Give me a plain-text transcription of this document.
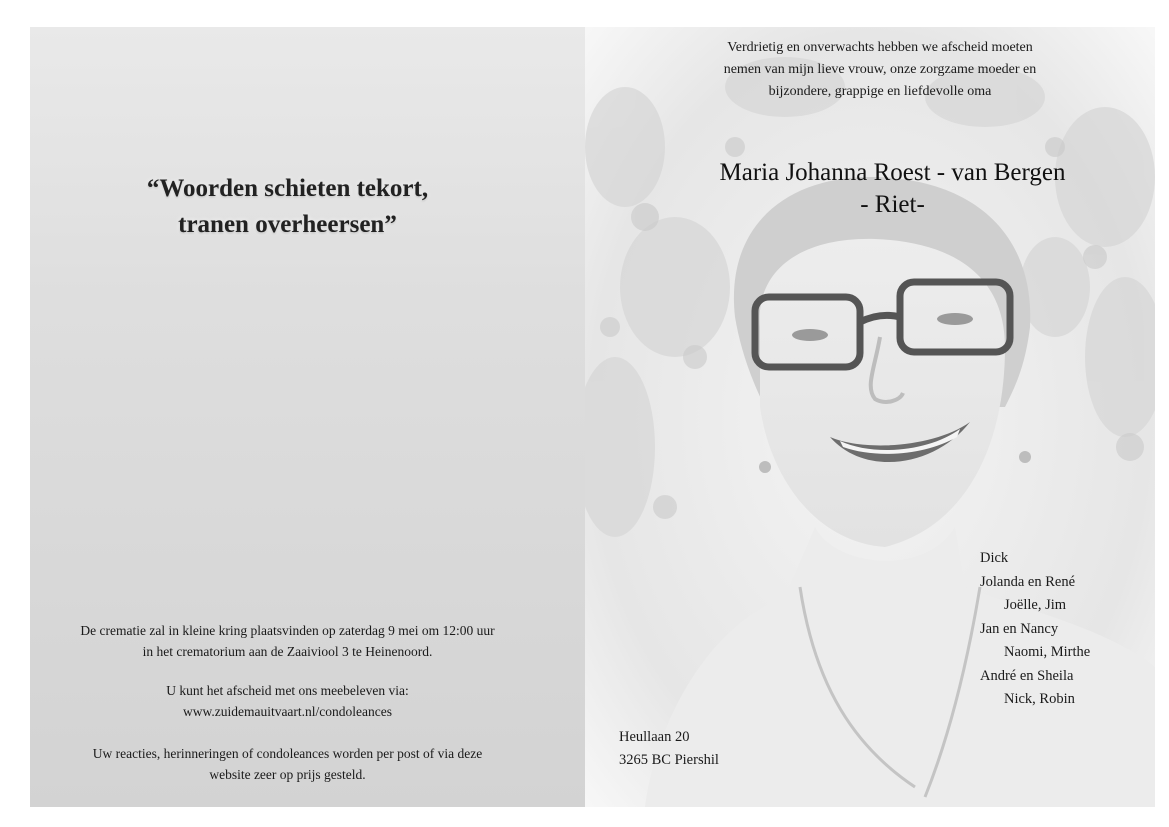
“Woorden schieten tekort,
tranen overheersen”
De crematie zal in kleine kring plaatsvinden op zaterdag 9 mei om 12:00 uur
in het crematorium aan de Zaaiviool 3 te Heinenoord.
U kunt het afscheid met ons meebeleven via:
www.zuidemauitvaart.nl/condoleances
Uw reacties, herinneringen of condoleances worden per post of via deze
website zeer op prijs gesteld.
Verdrietig en onverwachts hebben we afscheid moeten
nemen van mijn lieve vrouw, onze zorgzame moeder en
bijzondere, grappige en liefdevolle oma
Maria Johanna Roest - van Bergen
- Riet-
Dick
Jolanda en René
Joëlle, Jim
Jan en Nancy
Naomi, Mirthe
André en Sheila
Nick, Robin
Heullaan 20
3265 BC Piershil
